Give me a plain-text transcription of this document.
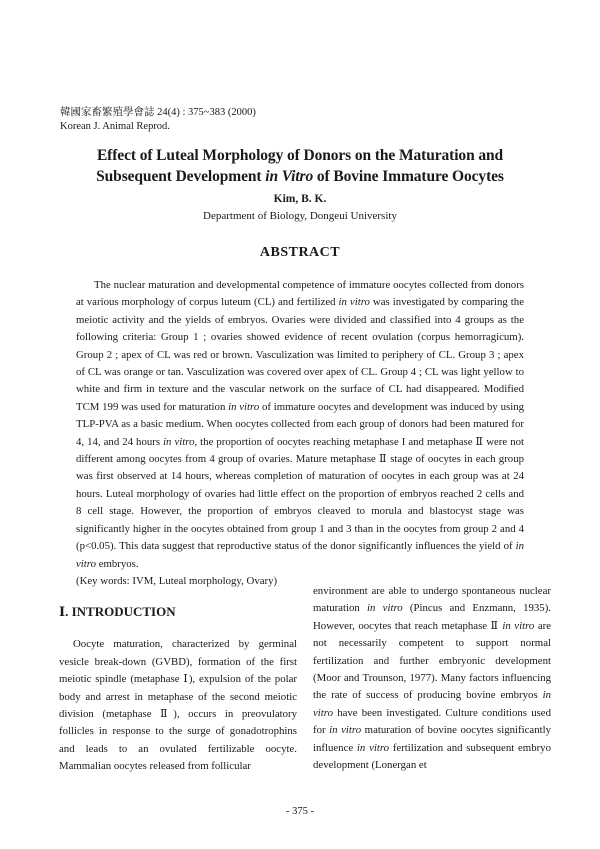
韓國家畜繁殖學會誌 24(4) : 375~383 (2000)
Korean J. Animal Reprod.
Effect of Luteal Morphology of Donors on the Maturation and
Subsequent Development in Vitro of Bovine Immature Oocytes
Kim, B. K.
Department of Biology, Dongeui University
ABSTRACT

The nuclear maturation and developmental competence of immature oocytes collected from donors at various morphology of corpus luteum (CL) and fertilized in vitro was investigated by comparing the meiotic activity and the yields of embryos. Ovaries were divided and classified into 4 groups as the following criteria: Group 1 ; ovaries showed evidence of recent ovulation (corpus hemorragicum). Group 2 ; apex of CL was red or brown. Vasculization was limited to periphery of CL. Group 3 ; apex of CL was orange or tan. Vasculization was covered over apex of CL. Group 4 ; CL was light yellow to white and firm in texture and the vascular network on the surface of CL had disappeared. Modified TCM 199 was used for maturation in vitro of immature oocytes and development was induced by using TLP-PVA as a basic medium. When oocytes collected from each group of donors had been matured for 4, 14, and 24 hours in vitro, the proportion of oocytes reaching metaphase I and metaphase Ⅱ were not different among oocytes from 4 group of ovaries. Mature metaphase Ⅱ stage of oocytes in each group was first observed at 14 hours, whereas completion of maturation of oocytes in each group was at 24 hours. Luteal morphology of ovaries had little effect on the proportion of embryos reached 2 cells and 8 cell stage. However, the proportion of embryos cleaved to morula and blastocyst stage was significantly higher in the oocytes obtained from group 1 and 3 than in the oocytes from group 2 and 4 (p<0.05). This data suggest that reproductive status of the donor significantly influences the yield of in vitro embryos.

(Key words: IVM, Luteal morphology, Ovary)

Ⅰ. INTRODUCTION

Oocyte maturation, characterized by germinal vesicle break-down (GVBD), formation of the first meiotic spindle (metaphase Ⅰ), expulsion of the polar body and arrest in metaphase of the second meiotic division (metaphase Ⅱ), occurs in preovulatory follicles in response to the surge of gonadotrophins and leads to an ovulated fertilizable oocyte. Mammalian oocytes released from follicular

environment are able to undergo spontaneous nuclear maturation in vitro (Pincus and Enzmann, 1935). However, oocytes that reach metaphase Ⅱ in vitro are not necessarily competent to support normal fertilization and further embryonic development (Moor and Trounson, 1977). Many factors influencing the rate of success of producing bovine embryos in vitro have been investigated. Culture conditions used for in vitro maturation of bovine oocytes significantly influence in vitro fertilization and subsequent embryo development (Lonergan et

- 375 -
